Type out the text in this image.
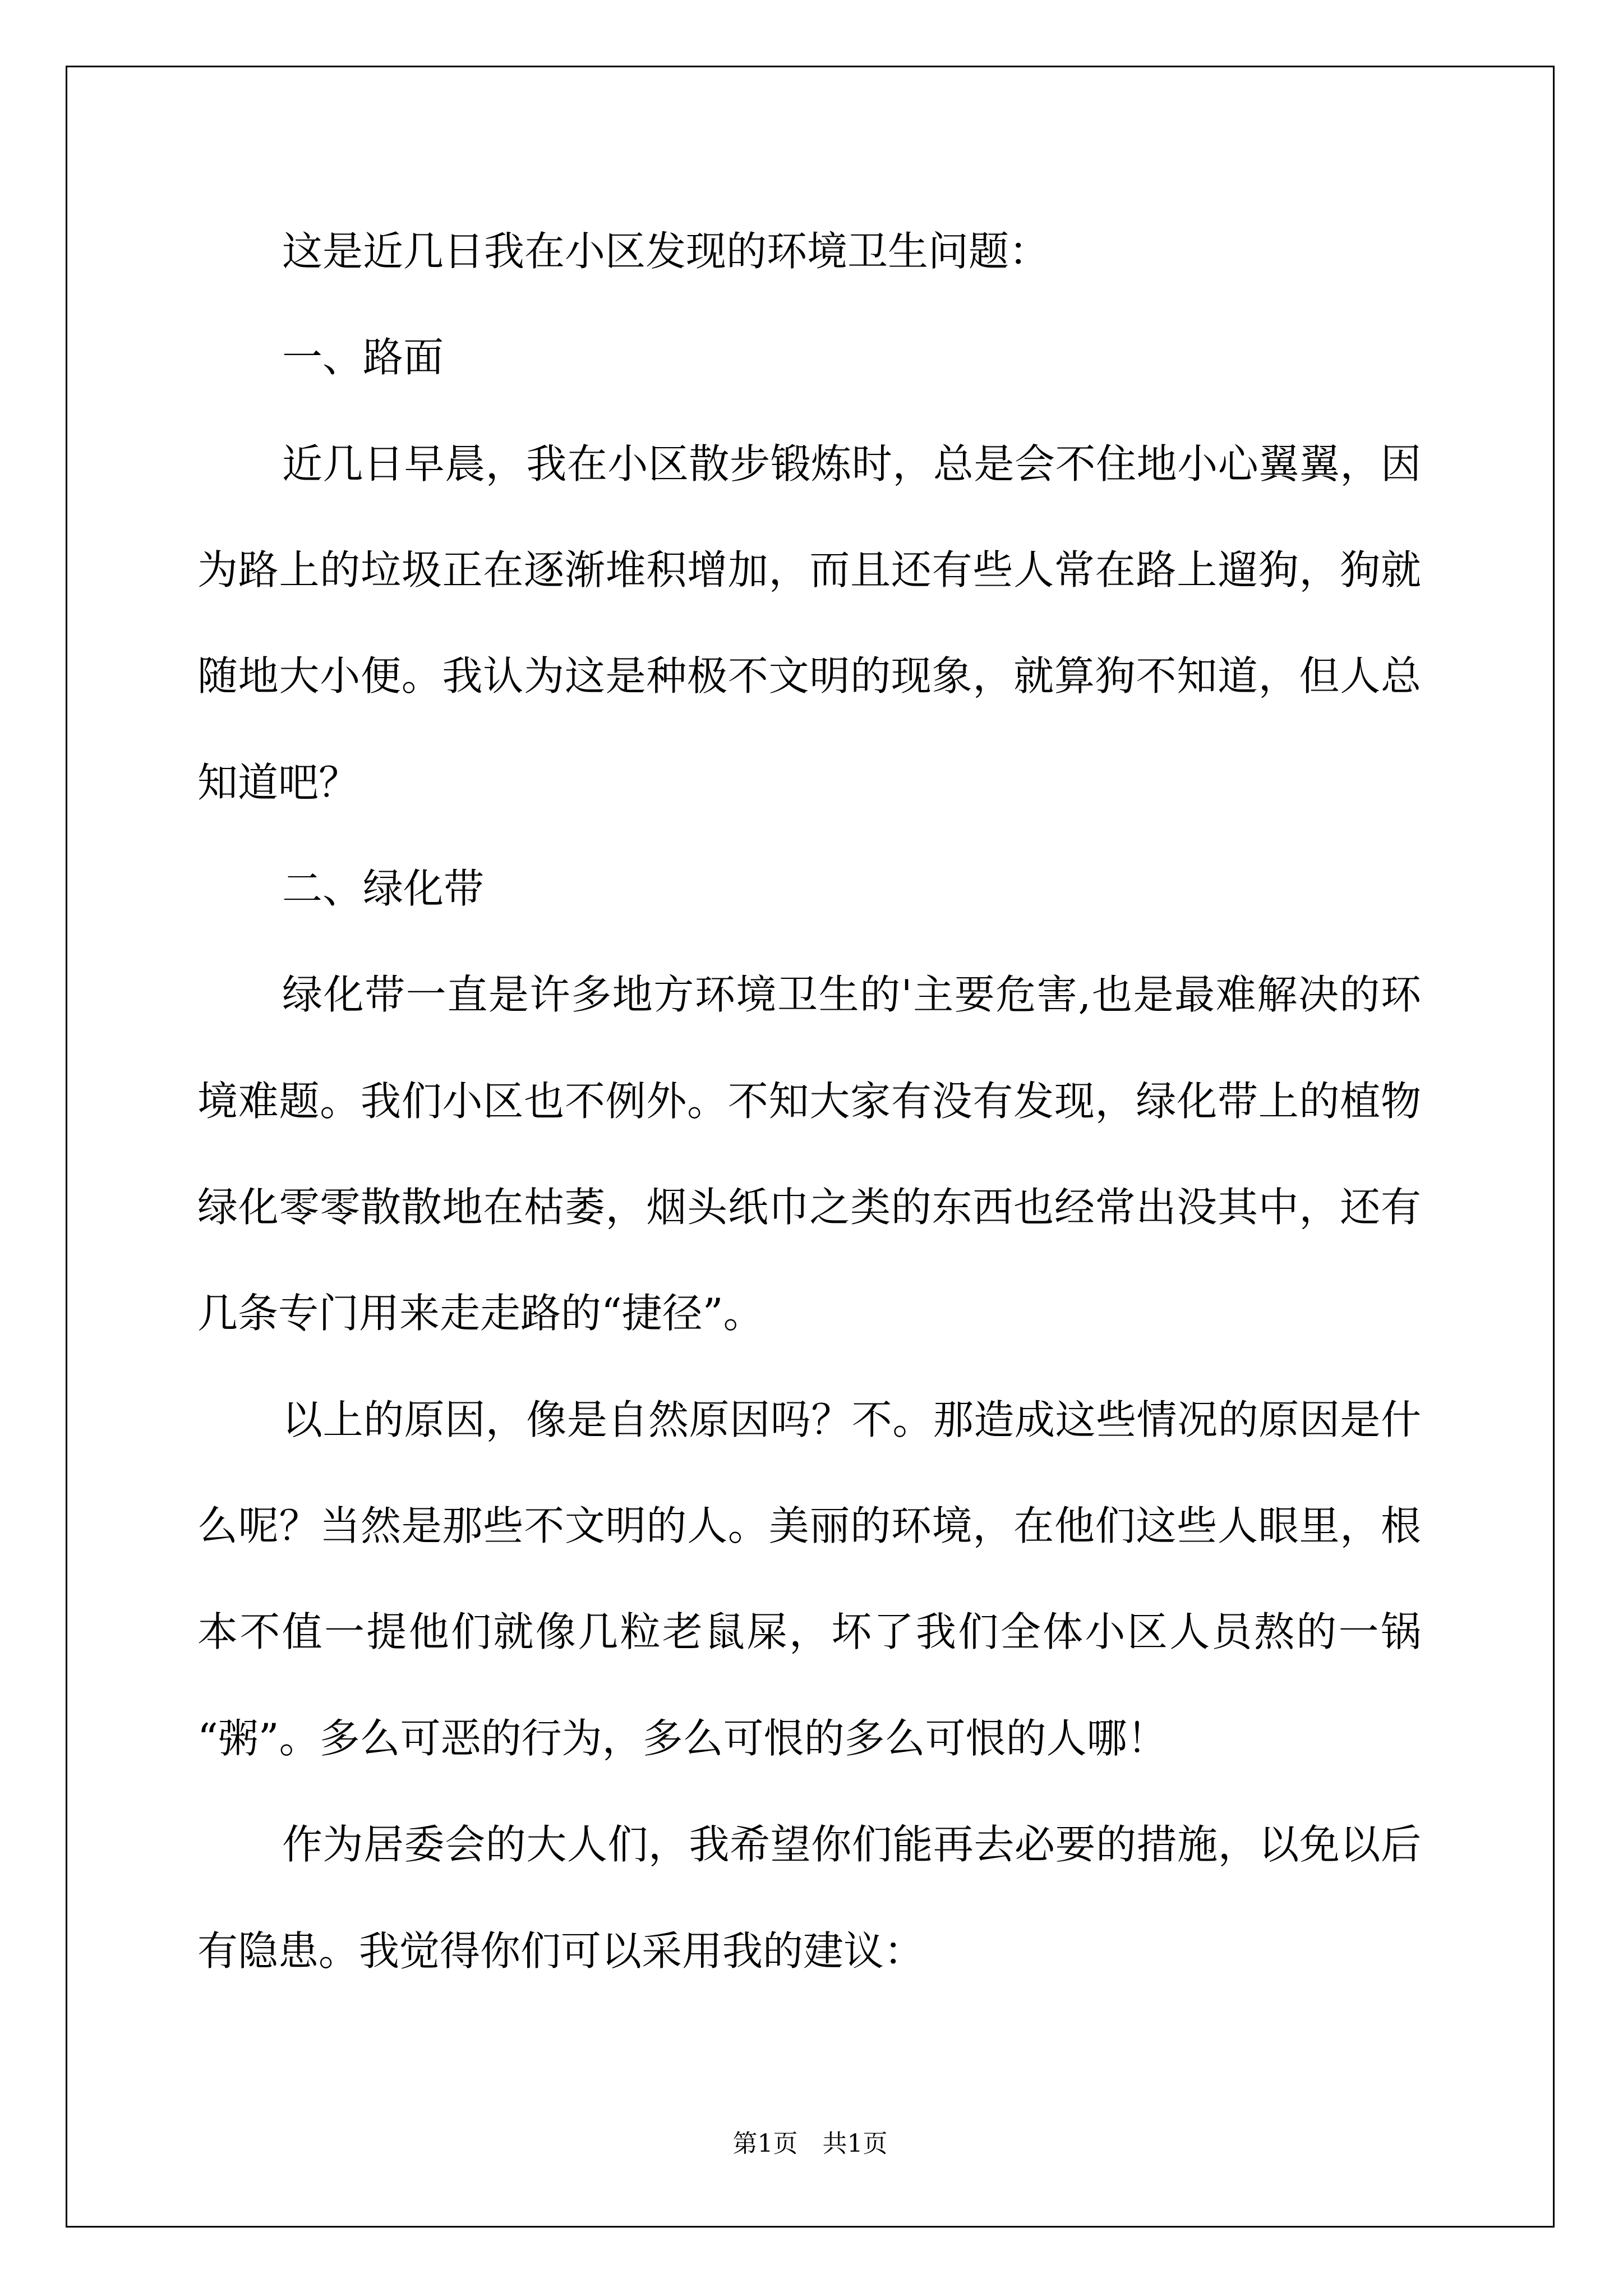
这是近几日我在小区发现的环境卫生问题：
一、路面
近几日早晨，我在小区散步锻炼时，总是会不住地小心翼翼，因
为路上的垃圾正在逐渐堆积增加，而且还有些人常在路上遛狗，狗就
随地大小便。我认为这是种极不文明的现象，就算狗不知道，但人总
知道吧？
二、绿化带
绿化带一直是许多地方环境卫生的'主要危害,也是最难解决的环
境难题。我们小区也不例外。不知大家有没有发现，绿化带上的植物
绿化零零散散地在枯萎，烟头纸巾之类的东西也经常出没其中，还有
几条专门用来走走路的“捷径”。
以上的原因，像是自然原因吗？不。那造成这些情况的原因是什
么呢？当然是那些不文明的人。美丽的环境，在他们这些人眼里，根
本不值一提他们就像几粒老鼠屎，坏了我们全体小区人员熬的一锅
“粥”。多么可恶的行为，多么可恨的多么可恨的人哪！
作为居委会的大人们，我希望你们能再去必要的措施，以免以后
有隐患。我觉得你们可以采用我的建议：
第1页　共1页
